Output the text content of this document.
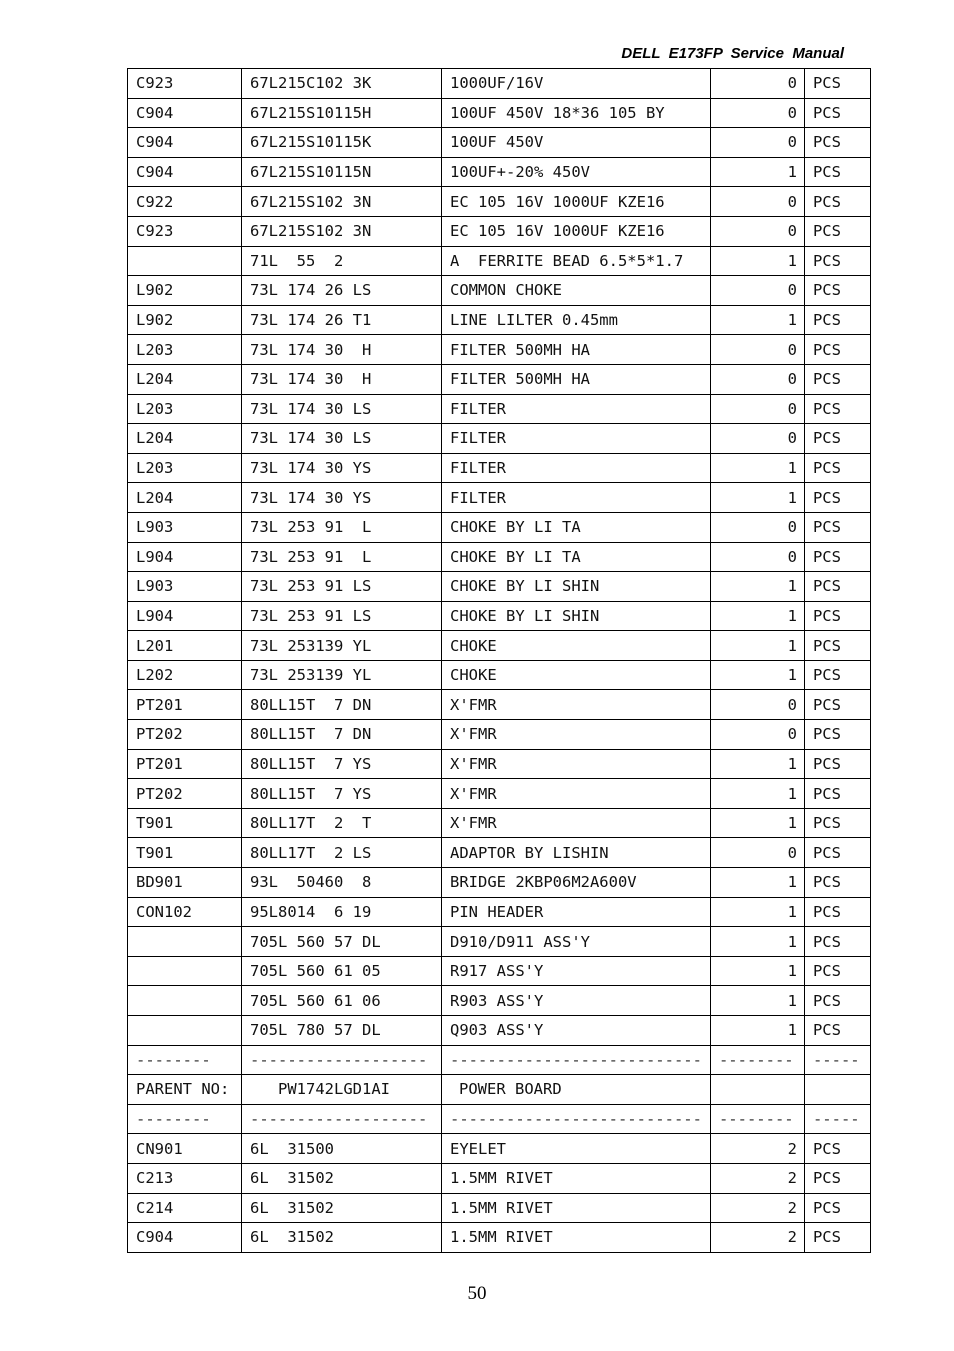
DELL  E173FP  Service  Manual
C923	67L215C102 3K	1000UF/16V	0	PCS
C904	67L215S10115H	100UF 450V 18*36 105 BY	0	PCS
C904	67L215S10115K	100UF 450V	0	PCS
C904	67L215S10115N	100UF+-20% 450V	1	PCS
C922	67L215S102 3N	EC 105 16V 1000UF KZE16	0	PCS
C923	67L215S102 3N	EC 105 16V 1000UF KZE16	0	PCS
	71L  55  2	A  FERRITE BEAD 6.5*5*1.7	1	PCS
L902	73L 174 26 LS	COMMON CHOKE	0	PCS
L902	73L 174 26 T1	LINE LILTER 0.45mm	1	PCS
L203	73L 174 30  H	FILTER 500MH HA	0	PCS
L204	73L 174 30  H	FILTER 500MH HA	0	PCS
L203	73L 174 30 LS	FILTER	0	PCS
L204	73L 174 30 LS	FILTER	0	PCS
L203	73L 174 30 YS	FILTER	1	PCS
L204	73L 174 30 YS	FILTER	1	PCS
L903	73L 253 91  L	CHOKE BY LI TA	0	PCS
L904	73L 253 91  L	CHOKE BY LI TA	0	PCS
L903	73L 253 91 LS	CHOKE BY LI SHIN	1	PCS
L904	73L 253 91 LS	CHOKE BY LI SHIN	1	PCS
L201	73L 253139 YL	CHOKE	1	PCS
L202	73L 253139 YL	CHOKE	1	PCS
PT201	80LL15T  7 DN	X'FMR	0	PCS
PT202	80LL15T  7 DN	X'FMR	0	PCS
PT201	80LL15T  7 YS	X'FMR	1	PCS
PT202	80LL15T  7 YS	X'FMR	1	PCS
T901	80LL17T  2  T	X'FMR	1	PCS
T901	80LL17T  2 LS	ADAPTOR BY LISHIN	0	PCS
BD901	93L  50460  8	BRIDGE 2KBP06M2A600V	1	PCS
CON102	95L8014  6 19	PIN HEADER	1	PCS
	705L 560 57 DL	D910/D911 ASS'Y	1	PCS
	705L 560 61 05	R917 ASS'Y	1	PCS
	705L 560 61 06	R903 ASS'Y	1	PCS
	705L 780 57 DL	Q903 ASS'Y	1	PCS
--------	-------------------	---------------------------	--------	-----
PARENT NO:	PW1742LGD1AI	POWER BOARD		
--------	-------------------	---------------------------	--------	-----
CN901	6L  31500	EYELET	2	PCS
C213	6L  31502	1.5MM RIVET	2	PCS
C214	6L  31502	1.5MM RIVET	2	PCS
C904	6L  31502	1.5MM RIVET	2	PCS
50
